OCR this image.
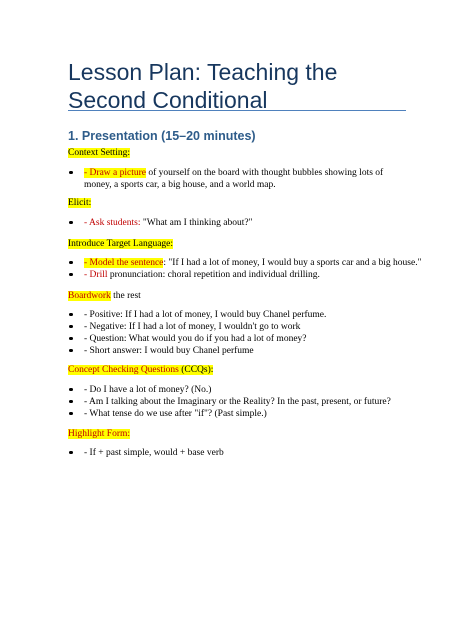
Lesson Plan: Teaching the Second Conditional
1. Presentation (15–20 minutes)
Context Setting:
- Draw a picture of yourself on the board with thought bubbles showing lots of money, a sports car, a big house, and a world map.
Elicit:
- Ask students: "What am I thinking about?"
Introduce Target Language:
- Model the sentence: "If I had a lot of money, I would buy a sports car and a big house."
- Drill pronunciation: choral repetition and individual drilling.
Boardwork the rest
- Positive: If I had a lot of money, I would buy Chanel perfume.
- Negative: If I had a lot of money, I wouldn't go to work
- Question: What would you do if you had a lot of money?
- Short answer: I would buy Chanel perfume
Concept Checking Questions (CCQs):
- Do I have a lot of money? (No.)
- Am I talking about the Imaginary or the Reality? In the past, present, or future?
- What tense do we use after "if"? (Past simple.)
Highlight Form:
- If + past simple, would + base verb
